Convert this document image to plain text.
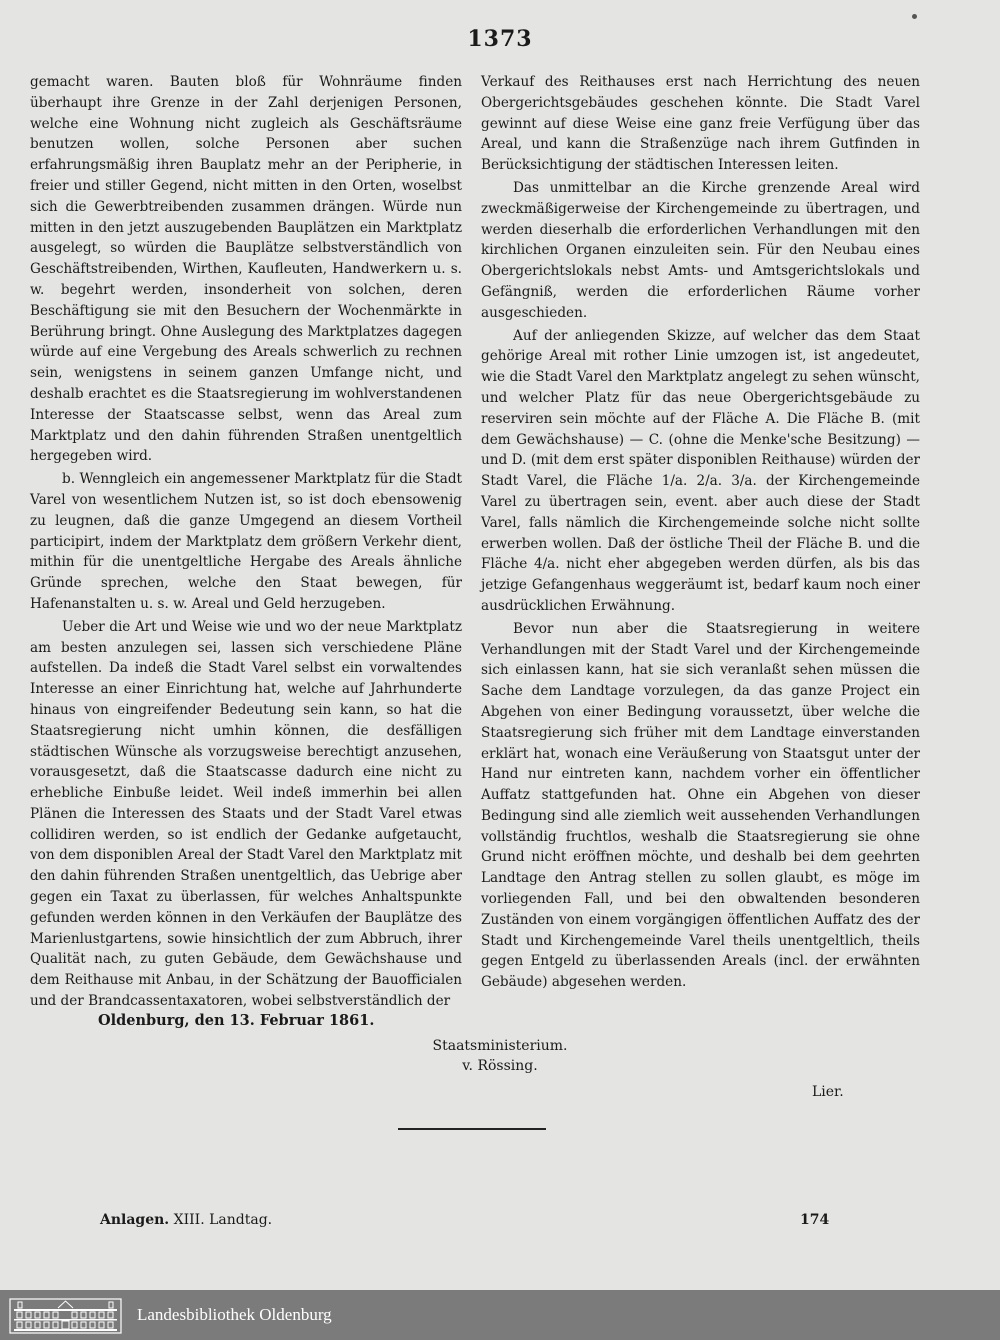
1373

gemacht waren. Bauten bloß für Wohnräume finden überhaupt ihre Grenze in der Zahl derjenigen Personen, welche eine Wohnung nicht zugleich als Geschäftsräume benutzen wollen, solche Personen aber suchen erfahrungsmäßig ihren Bauplatz mehr an der Peripherie, in freier und stiller Gegend, nicht mitten in den Orten, woselbst sich die Gewerbtreibenden zusammen drängen. Würde nun mitten in den jetzt auszugebenden Bauplätzen ein Marktplatz ausgelegt, so würden die Bauplätze selbstverständlich von Geschäftstreibenden, Wirthen, Kaufleuten, Handwerkern u. s. w. begehrt werden, insonderheit von solchen, deren Beschäftigung sie mit den Besuchern der Wochenmärkte in Berührung bringt. Ohne Auslegung des Marktplatzes dagegen würde auf eine Vergebung des Areals schwerlich zu rechnen sein, wenigstens in seinem ganzen Umfange nicht, und deshalb erachtet es die Staatsregierung im wohlverstandenen Interesse der Staatscasse selbst, wenn das Areal zum Marktplatz und den dahin führenden Straßen unentgeltlich hergegeben wird.

b. Wenngleich ein angemessener Marktplatz für die Stadt Varel von wesentlichem Nutzen ist, so ist doch ebensowenig zu leugnen, daß die ganze Umgegend an diesem Vortheil participirt, indem der Marktplatz dem größern Verkehr dient, mithin für die unentgeltliche Hergabe des Areals ähnliche Gründe sprechen, welche den Staat bewegen, für Hafenanstalten u. s. w. Areal und Geld herzugeben.

Ueber die Art und Weise wie und wo der neue Marktplatz am besten anzulegen sei, lassen sich verschiedene Pläne aufstellen. Da indeß die Stadt Varel selbst ein vorwaltendes Interesse an einer Einrichtung hat, welche auf Jahrhunderte hinaus von eingreifender Bedeutung sein kann, so hat die Staatsregierung nicht umhin können, die desfälligen städtischen Wünsche als vorzugsweise berechtigt anzusehen, vorausgesetzt, daß die Staatscasse dadurch eine nicht zu erhebliche Einbuße leidet. Weil indeß immerhin bei allen Plänen die Interessen des Staats und der Stadt Varel etwas collidiren werden, so ist endlich der Gedanke aufgetaucht, von dem disponiblen Areal der Stadt Varel den Marktplatz mit den dahin führenden Straßen unentgeltlich, das Uebrige aber gegen ein Taxat zu überlassen, für welches Anhaltspunkte gefunden werden können in den Verkäufen der Bauplätze des Marienlustgartens, sowie hinsichtlich der zum Abbruch, ihrer Qualität nach, zu guten Gebäude, dem Gewächshause und dem Reithause mit Anbau, in der Schätzung der Bauofficialen und der Brandcassentaxatoren, wobei selbstverständlich der

Verkauf des Reithauses erst nach Herrichtung des neuen Obergerichtsgebäudes geschehen könnte. Die Stadt Varel gewinnt auf diese Weise eine ganz freie Verfügung über das Areal, und kann die Straßenzüge nach ihrem Gutfinden in Berücksichtigung der städtischen Interessen leiten.

Das unmittelbar an die Kirche grenzende Areal wird zweckmäßigerweise der Kirchengemeinde zu übertragen, und werden dieserhalb die erforderlichen Verhandlungen mit den kirchlichen Organen einzuleiten sein. Für den Neubau eines Obergerichtslokals nebst Amts- und Amtsgerichtslokals und Gefängniß, werden die erforderlichen Räume vorher ausgeschieden.

Auf der anliegenden Skizze, auf welcher das dem Staat gehörige Areal mit rother Linie umzogen ist, ist angedeutet, wie die Stadt Varel den Marktplatz angelegt zu sehen wünscht, und welcher Platz für das neue Obergerichtsgebäude zu reserviren sein möchte auf der Fläche A. Die Fläche B. (mit dem Gewächshause) — C. (ohne die Menke'sche Besitzung) — und D. (mit dem erst später disponiblen Reithause) würden der Stadt Varel, die Fläche 1/a. 2/a. 3/a. der Kirchengemeinde Varel zu übertragen sein, event. aber auch diese der Stadt Varel, falls nämlich die Kirchengemeinde solche nicht sollte erwerben wollen. Daß der östliche Theil der Fläche B. und die Fläche 4/a. nicht eher abgegeben werden dürfen, als bis das jetzige Gefangenhaus weggeräumt ist, bedarf kaum noch einer ausdrücklichen Erwähnung.

Bevor nun aber die Staatsregierung in weitere Verhandlungen mit der Stadt Varel und der Kirchengemeinde sich einlassen kann, hat sie sich veranlaßt sehen müssen die Sache dem Landtage vorzulegen, da das ganze Project ein Abgehen von einer Bedingung voraussetzt, über welche die Staatsregierung sich früher mit dem Landtage einverstanden erklärt hat, wonach eine Veräußerung von Staatsgut unter der Hand nur eintreten kann, nachdem vorher ein öffentlicher Auffatz stattgefunden hat. Ohne ein Abgehen von dieser Bedingung sind alle ziemlich weit aussehenden Verhandlungen vollständig fruchtlos, weshalb die Staatsregierung sie ohne Grund nicht eröffnen möchte, und deshalb bei dem geehrten Landtage den Antrag stellen zu sollen glaubt, es möge im vorliegenden Fall, und bei den obwaltenden besonderen Zuständen von einem vorgängigen öffentlichen Auffatz des der Stadt und Kirchengemeinde Varel theils unentgeltlich, theils gegen Entgeld zu überlassenden Areals (incl. der erwähnten Gebäude) abgesehen werden.

Oldenburg, den 13. Februar 1861.
Staatsministerium.
v. Rössing.
Lier.
Anlagen. XIII. Landtag.	174
Landesbibliothek Oldenburg
